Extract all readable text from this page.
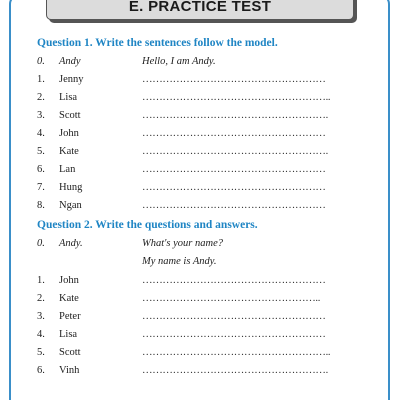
E. PRACTICE TEST
Question 1. Write the sentences follow the model.
0. Andy	Hello, I am Andy.
1. Jenny	………………………………………………
2. Lisa	………………………………………………..
3. Scott	……………………………………………….
4. John	………………………………………………
5. Kate	……………………………………………….
6. Lan	………………………………………………
7. Hung	………………………………………………
8. Ngan	………………………………………………
Question 2. Write the questions and answers.
0. Andy.	What's your name?
My name is Andy.
1. John	………………………………………………
2. Kate	……………………………………………..
3. Peter	………………………………………………
4. Lisa	………………………………………………
5. Scott	………………………………………………..
6. Vinh	……………………………………………….
